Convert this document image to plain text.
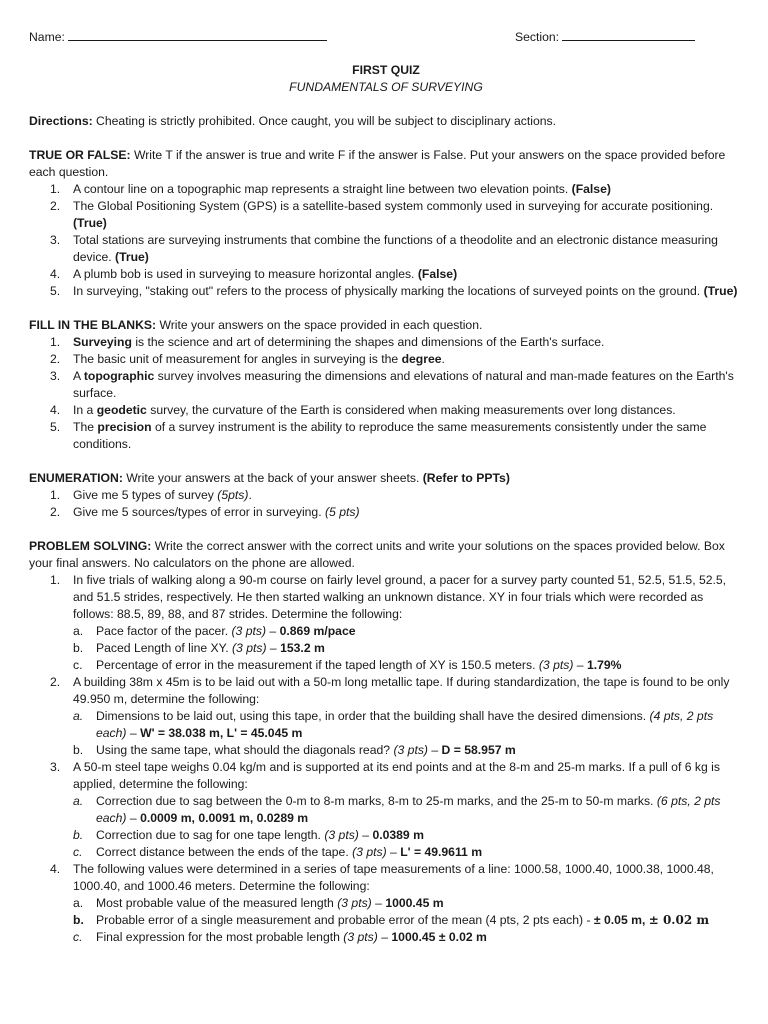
Name:	Section:
FIRST QUIZ
FUNDAMENTALS OF SURVEYING
Directions: Cheating is strictly prohibited. Once caught, you will be subject to disciplinary actions.
TRUE OR FALSE: Write T if the answer is true and write F if the answer is False. Put your answers on the space provided before each question.
1. A contour line on a topographic map represents a straight line between two elevation points. (False)
2. The Global Positioning System (GPS) is a satellite-based system commonly used in surveying for accurate positioning. (True)
3. Total stations are surveying instruments that combine the functions of a theodolite and an electronic distance measuring device. (True)
4. A plumb bob is used in surveying to measure horizontal angles. (False)
5. In surveying, "staking out" refers to the process of physically marking the locations of surveyed points on the ground. (True)
FILL IN THE BLANKS: Write your answers on the space provided in each question.
1. Surveying is the science and art of determining the shapes and dimensions of the Earth's surface.
2. The basic unit of measurement for angles in surveying is the degree.
3. A topographic survey involves measuring the dimensions and elevations of natural and man-made features on the Earth's surface.
4. In a geodetic survey, the curvature of the Earth is considered when making measurements over long distances.
5. The precision of a survey instrument is the ability to reproduce the same measurements consistently under the same conditions.
ENUMERATION: Write your answers at the back of your answer sheets. (Refer to PPTs)
1. Give me 5 types of survey (5pts).
2. Give me 5 sources/types of error in surveying. (5 pts)
PROBLEM SOLVING: Write the correct answer with the correct units and write your solutions on the spaces provided below. Box your final answers. No calculators on the phone are allowed.
1. In five trials of walking along a 90-m course on fairly level ground, a pacer for a survey party counted 51, 52.5, 51.5, 52.5, and 51.5 strides, respectively. He then started walking an unknown distance. XY in four trials which were recorded as follows: 88.5, 89, 88, and 87 strides. Determine the following:
a. Pace factor of the pacer. (3 pts) – 0.869 m/pace
b. Paced Length of line XY. (3 pts) – 153.2 m
c. Percentage of error in the measurement if the taped length of XY is 150.5 meters. (3 pts) – 1.79%
2. A building 38m x 45m is to be laid out with a 50-m long metallic tape. If during standardization, the tape is found to be only 49.950 m, determine the following:
a. Dimensions to be laid out, using this tape, in order that the building shall have the desired dimensions. (4 pts, 2 pts each) – W' = 38.038 m, L' = 45.045 m
b. Using the same tape, what should the diagonals read? (3 pts) – D = 58.957 m
3. A 50-m steel tape weighs 0.04 kg/m and is supported at its end points and at the 8-m and 25-m marks. If a pull of 6 kg is applied, determine the following:
a. Correction due to sag between the 0-m to 8-m marks, 8-m to 25-m marks, and the 25-m to 50-m marks. (6 pts, 2 pts each) – 0.0009 m, 0.0091 m, 0.0289 m
b. Correction due to sag for one tape length. (3 pts) – 0.0389 m
c. Correct distance between the ends of the tape. (3 pts) – L' = 49.9611 m
4. The following values were determined in a series of tape measurements of a line: 1000.58, 1000.40, 1000.38, 1000.48, 1000.40, and 1000.46 meters. Determine the following:
a. Most probable value of the measured length (3 pts) – 1000.45 m
b. Probable error of a single measurement and probable error of the mean (4 pts, 2 pts each) - ± 0.05 m, ± 0.02 m
c. Final expression for the most probable length (3 pts) – 1000.45 ± 0.02 m
